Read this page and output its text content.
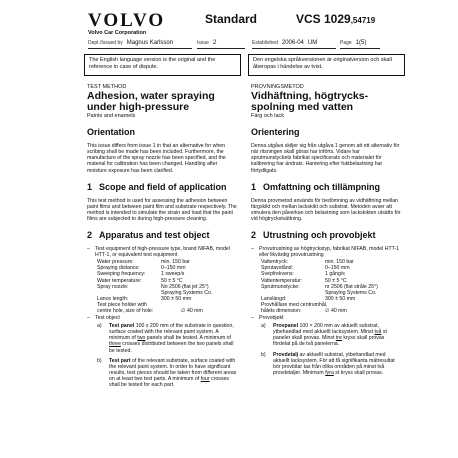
VOLVO
Volvo Car Corporation
Standard	VCS 1029,54719
Dept./Issued by Magnus Karlsson	Issue 2	Established 2006-04 UM	Page 1(5)
The English language version is the original and the reference in case of dispute.
Den engelska språkversionen är originalversion och skall åberopas i händelse av tvist.
TEST METHOD
Adhesion, water spraying
under high-pressure
Paints and enamels
Orientation
This issue differs from issue 1 in that an alternative for when scribing shall be made has been included. Furthermore, the manufacture of the spray nozzle has been specified, and the material for calibration has been changed. Handling after moisture exposure has been clarified.
1 Scope and field of application
This test method is used for assessing the adhesion between paint films and between paint film and substrate respectively. The method is intended to simulate the strain and load that the paint films are subjected to during high-pressure cleaning.
2 Apparatus and test object
– Test equipment of high-pressure type, brand NIFAB, model HTT-1, or equivalent test equipment
Water pressure:	min. 150 bar
Spraying distance:	0–150 mm
Sweeping frequency:	1 sweep/s
Water temperature:	50 ± 5 °C
Spray nozzle:	No 2506 (flat jet 25°)
Spraying Systems Co.
Lance length:	300 ± 50 mm
Test piece holder with
centre hole, size of hole:	∅ 40 mm
– Test object
a) Test panel 100 x 200 mm of the substrate in question, surface coated with the relevant paint system. A minimum of two panels shall be tested. A minimum of three crosses distributed between the two panels shall be tested.
b) Test part of the relevant substrate, surface coated with the relevant paint system. In order to have significant results, test pieces should be taken from different areas on at least two test parts. A minimum of four crosses shall be tested for each part.
PROVNINGSMETOD
Vidhäftning, högtrycks-
spolning med vatten
Färg och lack
Orientering
Denna utgåva skiljer sig från utgåva 1 genom att ett alternativ för när ritsningen skall göras har införts. Vidare har sprutmunstyckets fabrikat specificerats och materialet för kalibrering har ändrats. Hantering efter fuktbelastning har förtydligats.
1 Omfattning och tillämpning
Denna provmetod används för bedömning av vidhäftning mellan färgskikt och mellan lackskikt och substrat. Metoden avser att simulera den påverkan och belastning som lackskikten utsätts för vid högtryckstvättning.
2 Utrustning och provobjekt
– Provutrustning av högtryckstyp, fabrikat NIFAB, model HTT-1 eller likvärdig provutrustning
Vattentryck:	min. 150 bar
Sprutavstånd:	0–150 mm
Svepfrekvens:	1 gång/s
Vattentemperatur:	50 ± 5 °C
Sprutmunstycke:	nr 2506 (flat stråle 25°)
Spraying Systems Co.
Lanslängd:	300 ± 50 mm
Provhållare med centrumhål,
hålets dimension:	∅ 40 mm
– Provobjekt
a) Provpanel 100 × 200 mm av aktuellt substrat, ytbehandlad med aktuellt lacksystem. Minst två st paneler skall provas. Minst tre kryss skall provas fördelat på de två panelerna.
b) Provdetalj av aktuellt substrat, ytbehandlad med aktuellt lacksystem. För att få signifikanta mätresultat bör provbitar tas från olika områden på minst två provdetaljer. Minimum fyra st kryss skall provas.
